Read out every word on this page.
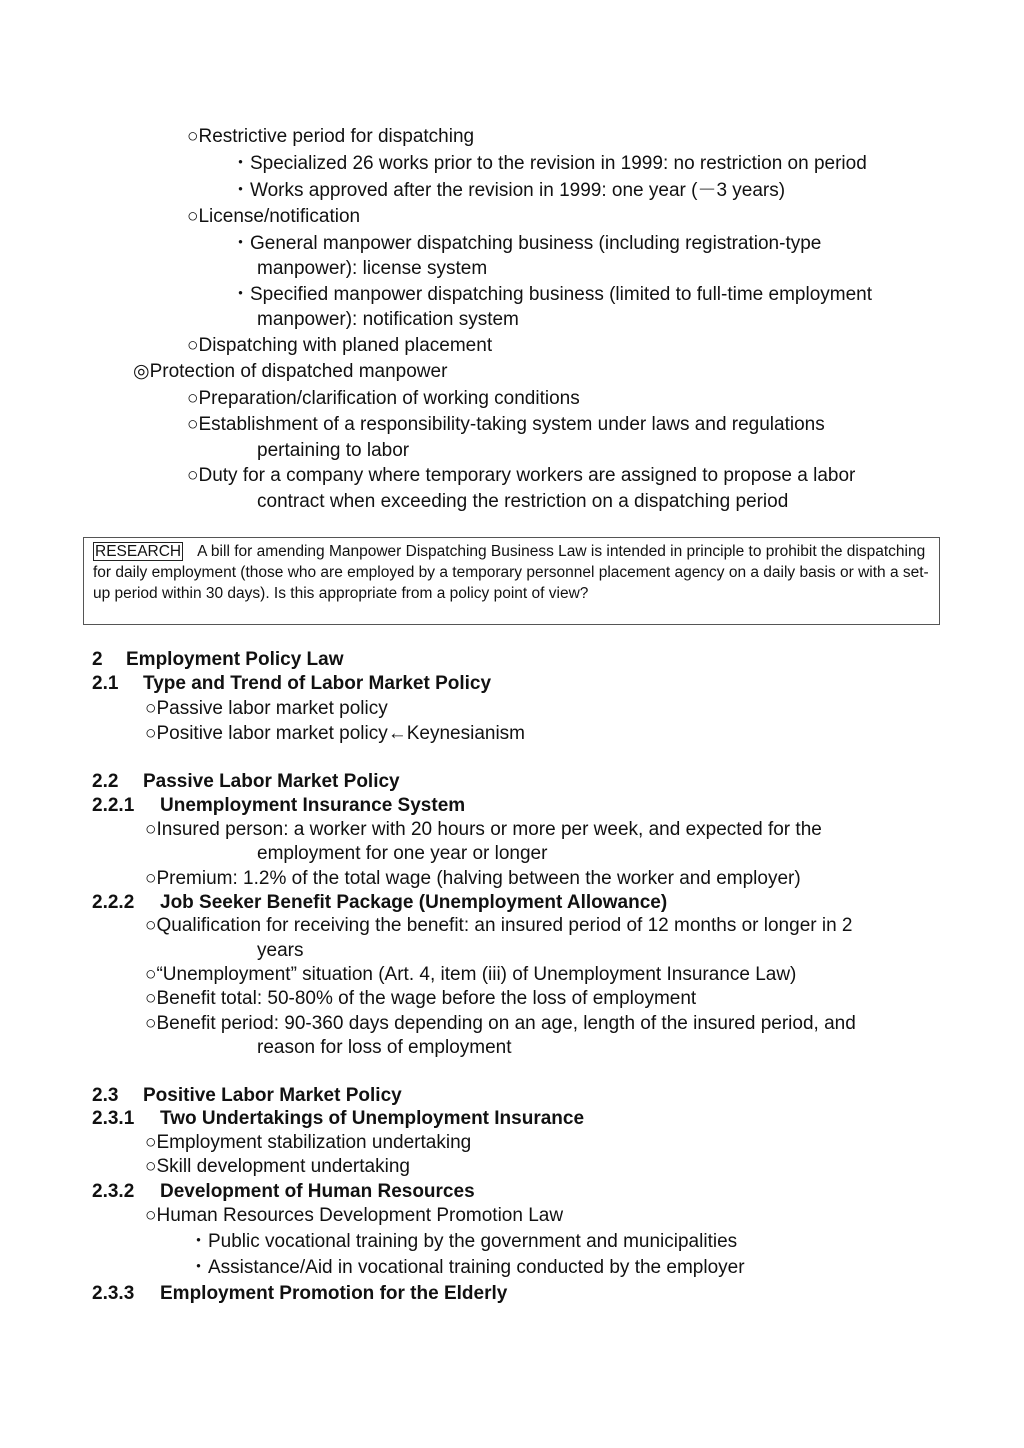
○Restrictive period for dispatching
・Specialized 26 works prior to the revision in 1999: no restriction on period
・Works approved after the revision in 1999: one year (－3 years)
○License/notification
・General manpower dispatching business (including registration-type
manpower): license system
・Specified manpower dispatching business (limited to full-time employment
manpower): notification system
○Dispatching with planed placement
◎Protection of dispatched manpower
○Preparation/clarification of working conditions
○Establishment of a responsibility-taking system under laws and regulations
pertaining to labor
○Duty for a company where temporary workers are assigned to propose a labor
contract when exceeding the restriction on a dispatching period
RESEARCH A bill for amending Manpower Dispatching Business Law is intended in principle to prohibit the dispatching for daily employment (those who are employed by a temporary personnel placement agency on a daily basis or with a set-up period within 30 days). Is this appropriate from a policy point of view?
2 Employment Policy Law
2.1 Type and Trend of Labor Market Policy
○Passive labor market policy
○Positive labor market policy←Keynesianism
2.2 Passive Labor Market Policy
2.2.1 Unemployment Insurance System
○Insured person: a worker with 20 hours or more per week, and expected for the
employment for one year or longer
○Premium: 1.2% of the total wage (halving between the worker and employer)
2.2.2 Job Seeker Benefit Package (Unemployment Allowance)
○Qualification for receiving the benefit: an insured period of 12 months or longer in 2
years
○“Unemployment” situation (Art. 4, item (iii) of Unemployment Insurance Law)
○Benefit total: 50-80% of the wage before the loss of employment
○Benefit period: 90-360 days depending on an age, length of the insured period, and
reason for loss of employment
2.3 Positive Labor Market Policy
2.3.1 Two Undertakings of Unemployment Insurance
○Employment stabilization undertaking
○Skill development undertaking
2.3.2 Development of Human Resources
○Human Resources Development Promotion Law
・Public vocational training by the government and municipalities
・Assistance/Aid in vocational training conducted by the employer
2.3.3 Employment Promotion for the Elderly
